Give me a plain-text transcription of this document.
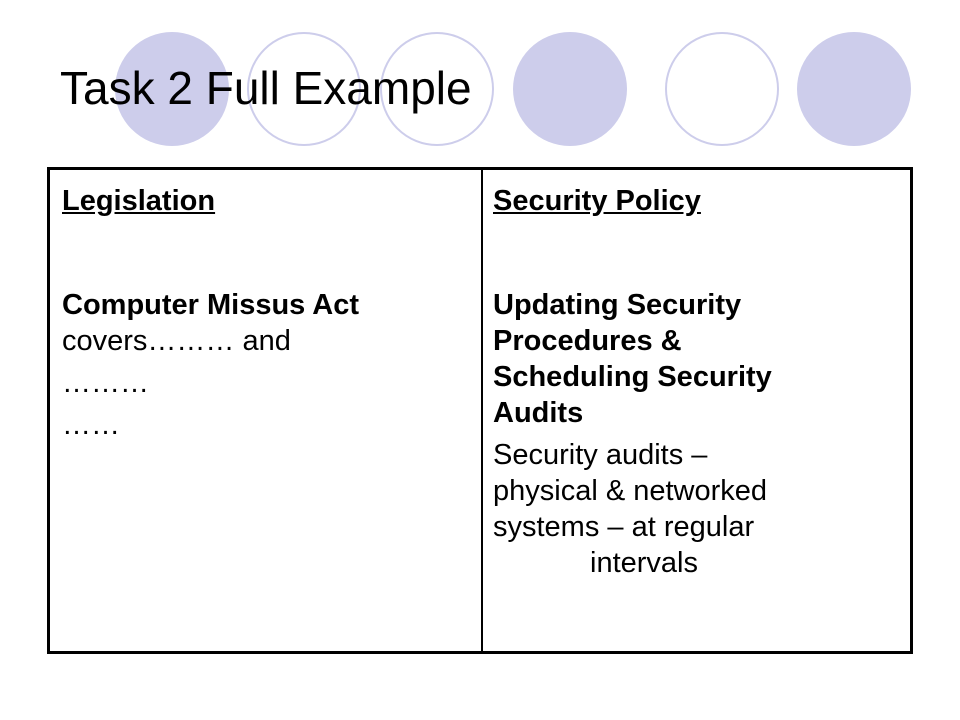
Task 2 Full Example

Legislation

Computer Missus Act

covers……… and

………

……

Security Policy

Updating Security

Procedures &

Scheduling Security

Audits

Security audits –

physical & networked

systems – at regular

intervals
